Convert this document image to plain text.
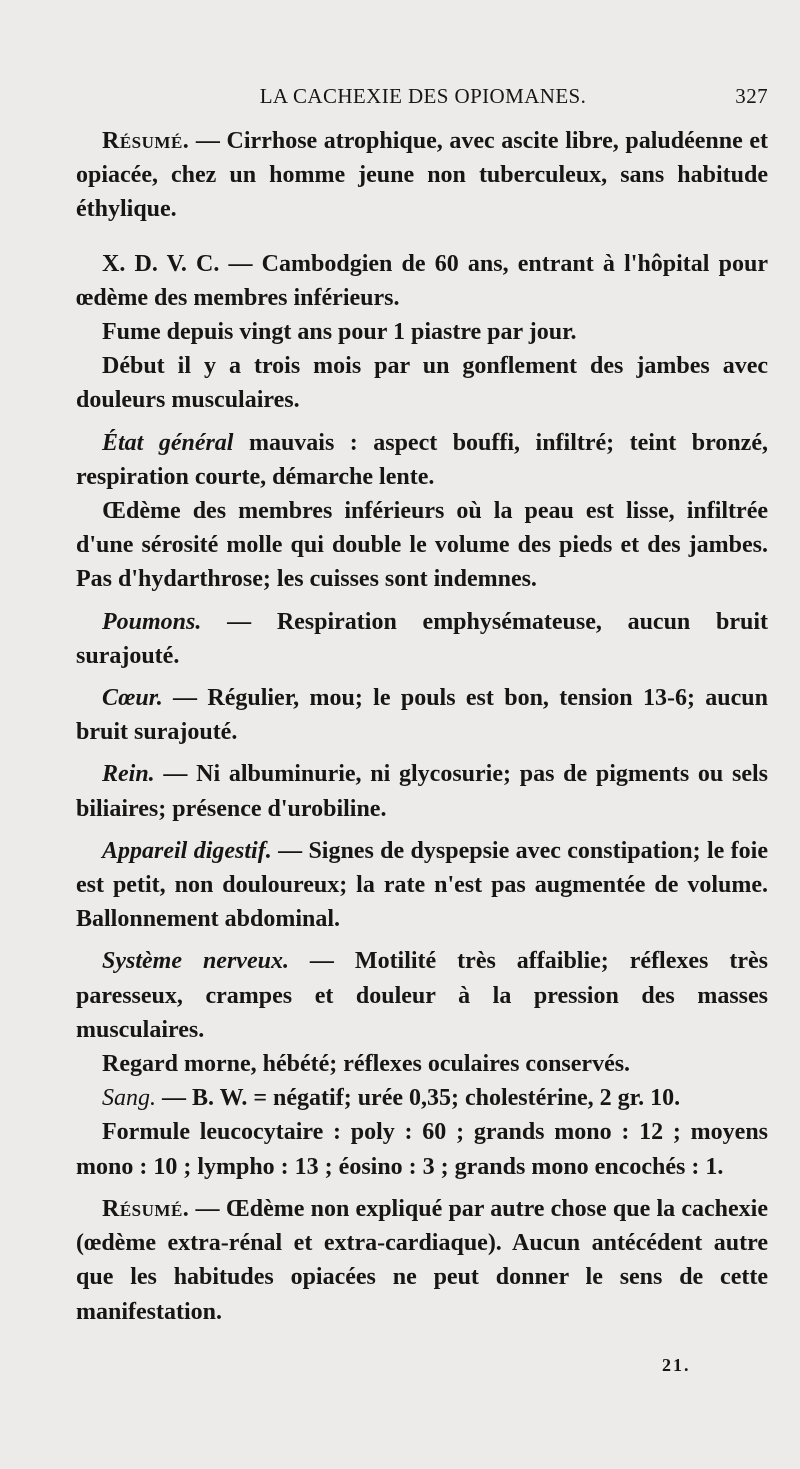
LA CACHEXIE DES OPIOMANES.	327

Résumé. — Cirrhose atrophique, avec ascite libre, paludéenne et opiacée, chez un homme jeune non tuberculeux, sans habitude éthylique.

X. D. V. C. — Cambodgien de 60 ans, entrant à l'hôpital pour œdème des membres inférieurs.

Fume depuis vingt ans pour 1 piastre par jour.

Début il y a trois mois par un gonflement des jambes avec douleurs musculaires.

État général mauvais : aspect bouffi, infiltré; teint bronzé, respiration courte, démarche lente.

Œdème des membres inférieurs où la peau est lisse, infiltrée d'une sérosité molle qui double le volume des pieds et des jambes. Pas d'hydarthrose; les cuisses sont indemnes.

Poumons. — Respiration emphysémateuse, aucun bruit surajouté.

Cœur. — Régulier, mou; le pouls est bon, tension 13-6; aucun bruit surajouté.

Rein. — Ni albuminurie, ni glycosurie; pas de pigments ou sels biliaires; présence d'urobiline.

Appareil digestif. — Signes de dyspepsie avec constipation; le foie est petit, non douloureux; la rate n'est pas augmentée de volume. Ballonnement abdominal.

Système nerveux. — Motilité très affaiblie; réflexes très paresseux, crampes et douleur à la pression des masses musculaires.

Regard morne, hébété; réflexes oculaires conservés.

Sang. — B. W. = négatif; urée 0,35; cholestérine, 2 gr. 10.

Formule leucocytaire : poly : 60 ; grands mono : 12 ; moyens mono : 10 ; lympho : 13 ; éosino : 3 ; grands mono encochés : 1.

Résumé. — Œdème non expliqué par autre chose que la cachexie (œdème extra-rénal et extra-cardiaque). Aucun antécédent autre que les habitudes opiacées ne peut donner le sens de cette manifestation.

21.
